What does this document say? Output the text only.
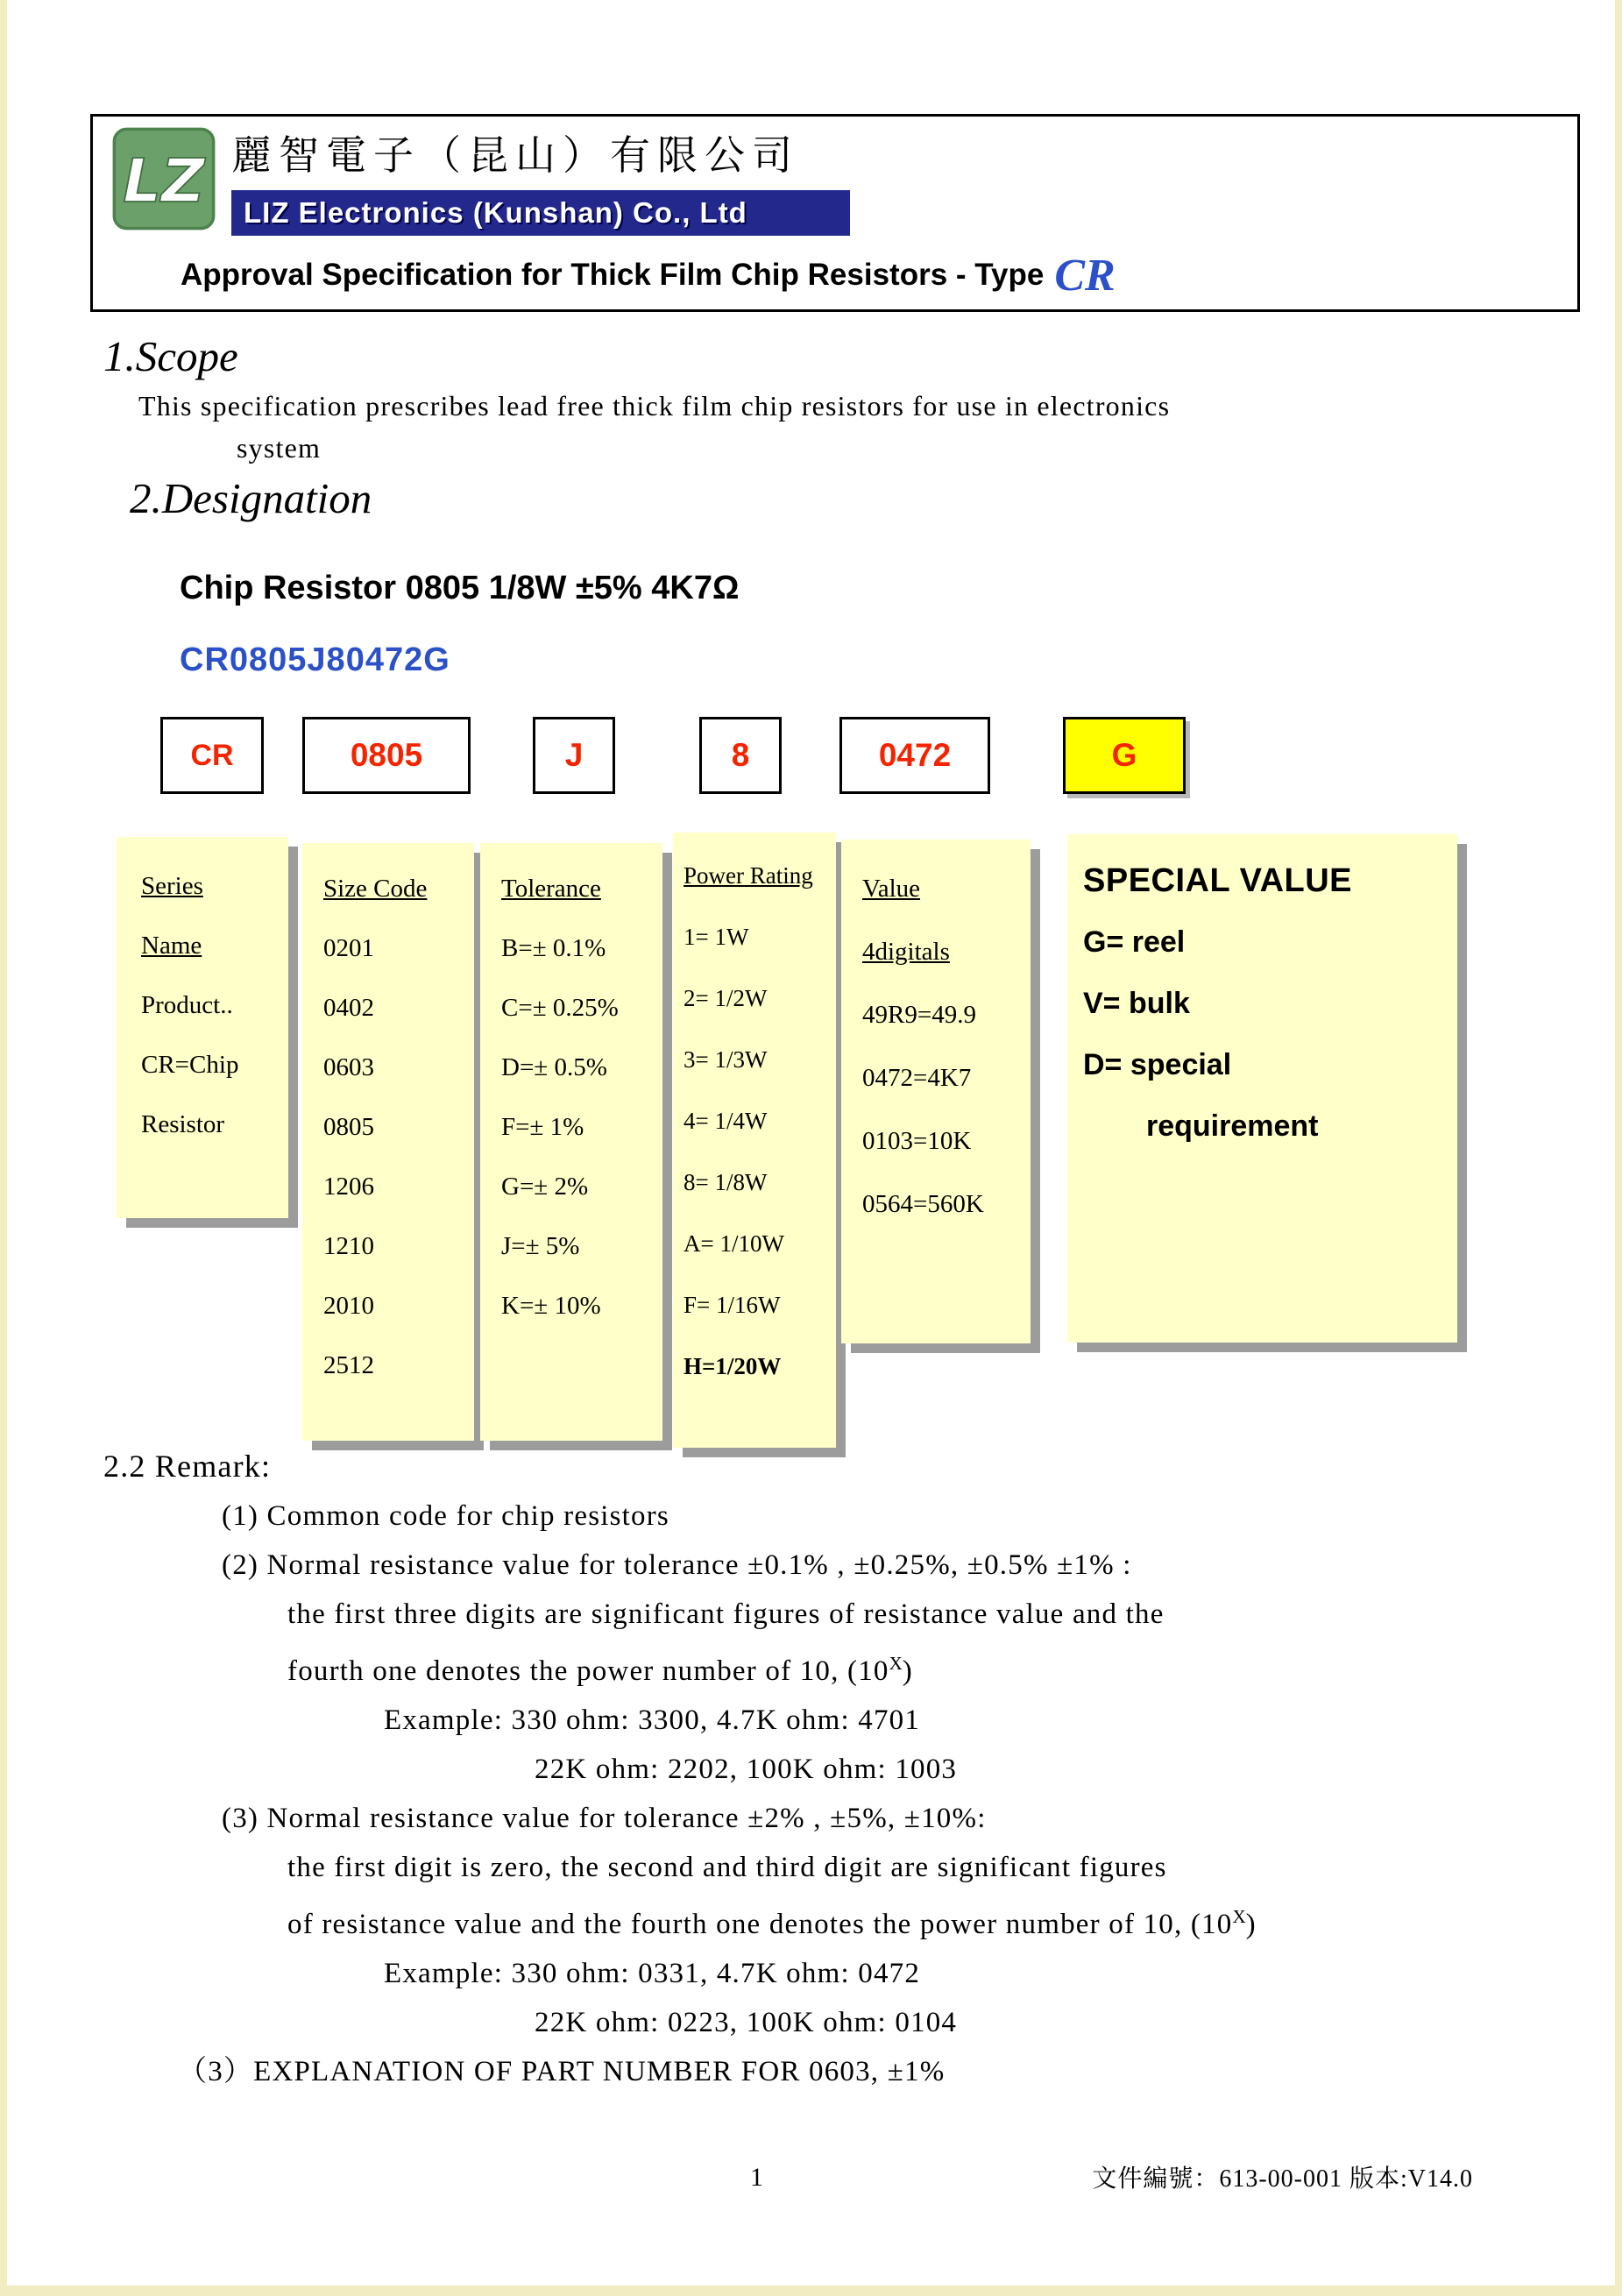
LZ 麗智電子（昆山）有限公司
LIZ Electronics (Kunshan) Co., Ltd
Approval Specification for Thick Film Chip Resistors - Type CR
1.Scope
This specification prescribes lead free thick film chip resistors for use in electronics
system
2.Designation
Chip Resistor 0805 1/8W ±5% 4K7Ω
CR0805J80472G
CR	0805	J	8	0472	G
Series
Name
Product..
CR=Chip
Resistor
Size Code
0201
0402
0603
0805
1206
1210
2010
2512
Tolerance
B=± 0.1%
C=± 0.25%
D=± 0.5%
F=± 1%
G=± 2%
J=± 5%
K=± 10%
Power Rating
1= 1W
2= 1/2W
3= 1/3W
4= 1/4W
8= 1/8W
A= 1/10W
F= 1/16W
H=1/20W
Value
4digitals
49R9=49.9
0472=4K7
0103=10K
0564=560K
SPECIAL VALUE
G= reel
V= bulk
D= special
requirement
2.2 Remark:
(1) Common code for chip resistors
(2) Normal resistance value for tolerance ±0.1% , ±0.25%, ±0.5% ±1% :
the first three digits are significant figures of resistance value and the
fourth one denotes the power number of 10, $(10^X)$
Example: 330 ohm: 3300, 4.7K ohm: 4701
22K ohm: 2202, 100K ohm: 1003
(3) Normal resistance value for tolerance ±2% , ±5%, ±10%:
the first digit is zero, the second and third digit are significant figures
of resistance value and the fourth one denotes the power number of 10, $(10^X)$
Example: 330 ohm: 0331, 4.7K ohm: 0472
22K ohm: 0223, 100K ohm: 0104
（3）EXPLANATION OF PART NUMBER FOR 0603, ±1%
1	文件編號：613-00-001 版本:V14.0
